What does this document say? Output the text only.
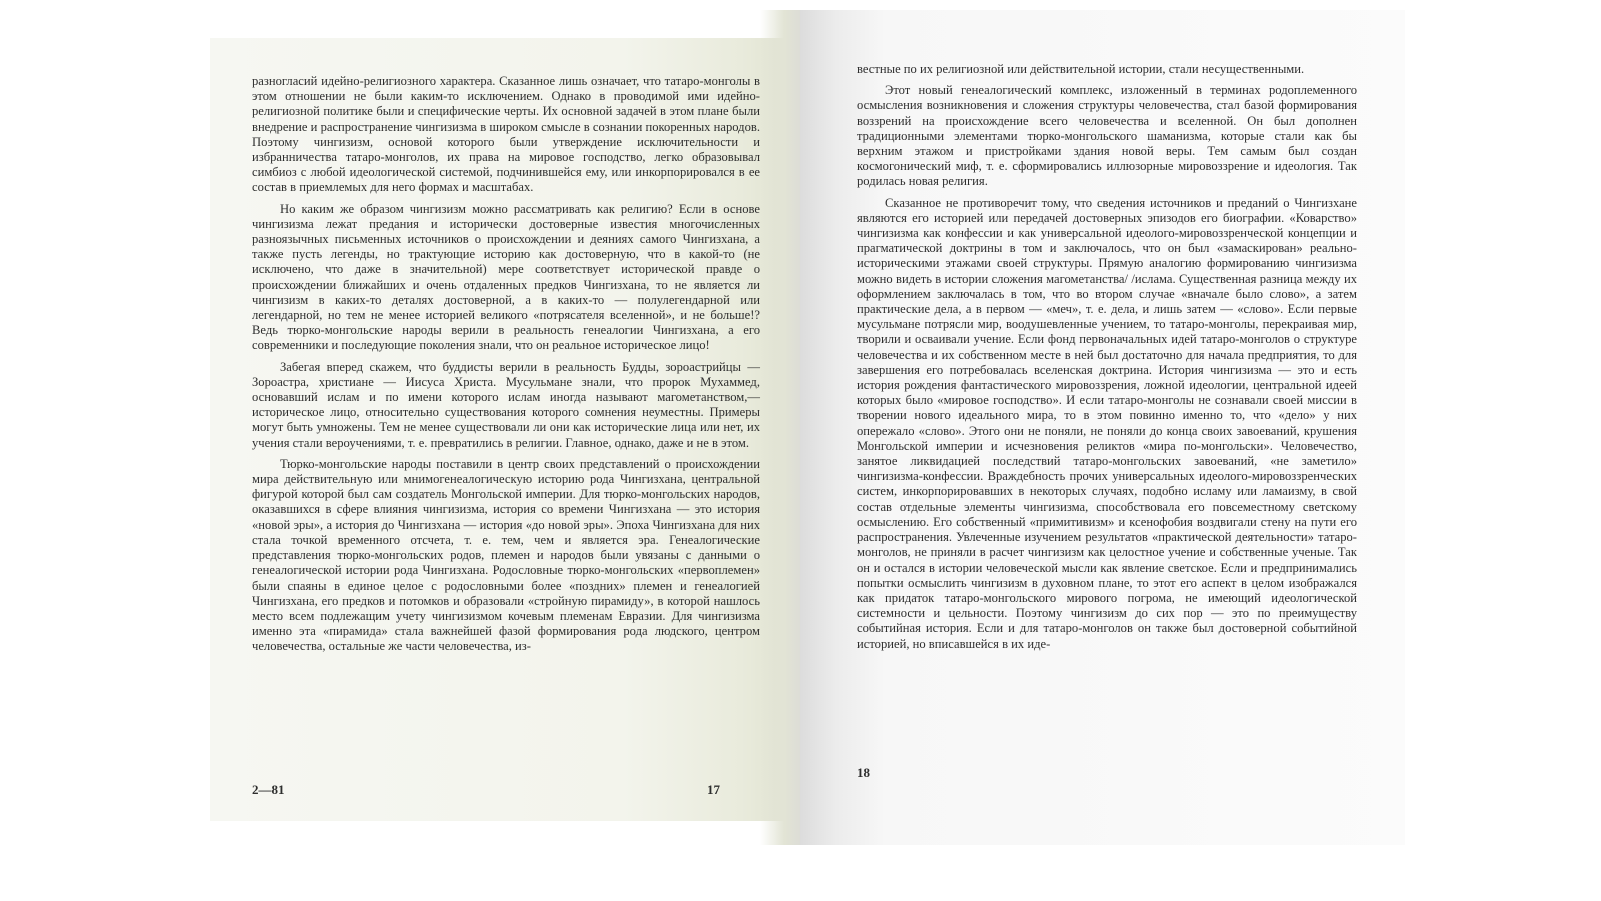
разногласий идейно-религиозного характера. Сказанное лишь означает, что татаро-монголы в этом отношении не были каким-то исключением. Однако в проводимой ими идейно-религиозной политике были и специфические черты. Их основной задачей в этом плане были внедрение и распространение чингизизма в широком смысле в сознании покоренных народов. Поэтому чингизизм, основой которого были утверждение исключительности и избранничества татаро-монголов, их права на мировое господство, легко образовывал симбиоз с любой идеологической системой, подчинившейся ему, или инкорпорировался в ее состав в приемлемых для него формах и масштабах.

Но каким же образом чингизизм можно рассматривать как религию? Если в основе чингизизма лежат предания и исторически достоверные известия многочисленных разноязычных письменных источников о происхождении и деяниях самого Чингизхана, а также пусть легенды, но трактующие историю как достоверную, что в какой-то (не исключено, что даже в значительной) мере соответствует исторической правде о происхождении ближайших и очень отдаленных предков Чингизхана, то не является ли чингизизм в каких-то деталях достоверной, а в каких-то — полулегендарной или легендарной, но тем не менее историей великого «потрясателя вселенной», и не больше!? Ведь тюрко-монгольские народы верили в реальность генеалогии Чингизхана, а его современники и последующие поколения знали, что он реальное историческое лицо!

Забегая вперед скажем, что буддисты верили в реальность Будды, зороастрийцы — Зороастра, христиане — Иисуса Христа. Мусульмане знали, что пророк Мухаммед, основавший ислам и по имени которого ислам иногда называют магометанством,— историческое лицо, относительно существования которого сомнения неуместны. Примеры могут быть умножены. Тем не менее существовали ли они как исторические лица или нет, их учения стали вероучениями, т. е. превратились в религии. Главное, однако, даже и не в этом.

Тюрко-монгольские народы поставили в центр своих представлений о происхождении мира действительную или мнимогенеалогическую историю рода Чингизхана, центральной фигурой которой был сам создатель Монгольской империи. Для тюрко-монгольских народов, оказавшихся в сфере влияния чингизизма, история со времени Чингизхана — это история «новой эры», а история до Чингизхана — история «до новой эры». Эпоха Чингизхана для них стала точкой временного отсчета, т. е. тем, чем и является эра. Генеалогические представления тюрко-монгольских родов, племен и народов были увязаны с данными о генеалогической истории рода Чингизхана. Родословные тюрко-монгольских «первоплемен» были спаяны в единое целое с родословными более «поздних» племен и генеалогией Чингизхана, его предков и потомков и образовали «стройную пирамиду», в которой нашлось место всем подлежащим учету чингизизмом кочевым племенам Евразии. Для чингизизма именно эта «пирамида» стала важнейшей фазой формирования рода людского, центром человечества, остальные же части человечества, из-

2—81	17

вестные по их религиозной или действительной истории, стали несущественными.

Этот новый генеалогический комплекс, изложенный в терминах родоплеменного осмысления возникновения и сложения структуры человечества, стал базой формирования воззрений на происхождение всего человечества и вселенной. Он был дополнен традиционными элементами тюрко-монгольского шаманизма, которые стали как бы верхним этажом и пристройками здания новой веры. Тем самым был создан космогонический миф, т. е. сформировались иллюзорные мировоззрение и идеология. Так родилась новая религия.

Сказанное не противоречит тому, что сведения источников и преданий о Чингизхане являются его историей или передачей достоверных эпизодов его биографии. «Коварство» чингизизма как конфессии и как универсальной идеолого-мировоззренческой концепции и прагматической доктрины в том и заключалось, что он был «замаскирован» реально-историческими этажами своей структуры. Прямую аналогию формированию чингизизма можно видеть в истории сложения магометанства/ /ислама. Существенная разница между их оформлением заключалась в том, что во втором случае «вначале было слово», а затем практические дела, а в первом — «меч», т. е. дела, и лишь затем — «слово». Если первые мусульмане потрясли мир, воодушевленные учением, то татаро-монголы, перекраивая мир, творили и осваивали учение. Если фонд первоначальных идей татаро-монголов о структуре человечества и их собственном месте в ней был достаточно для начала предприятия, то для завершения его потребовалась вселенская доктрина. История чингизизма — это и есть история рождения фантастического мировоззрения, ложной идеологии, центральной идеей которых было «мировое господство». И если татаро-монголы не сознавали своей миссии в творении нового идеального мира, то в этом повинно именно то, что «дело» у них опережало «слово». Этого они не поняли, не поняли до конца своих завоеваний, крушения Монгольской империи и исчезновения реликтов «мира по-монгольски». Человечество, занятое ликвидацией последствий татаро-монгольских завоеваний, «не заметило» чингизизма-конфессии. Враждебность прочих универсальных идеолого-мировоззренческих систем, инкорпорировавших в некоторых случаях, подобно исламу или ламаизму, в свой состав отдельные элементы чингизизма, способствовала его повсеместному светскому осмыслению. Его собственный «примитивизм» и ксенофобия воздвигали стену на пути его распространения. Увлеченные изучением результатов «практической деятельности» татаро-монголов, не приняли в расчет чингизизм как целостное учение и собственные ученые. Так он и остался в истории человеческой мысли как явление светское. Если и предпринимались попытки осмыслить чингизизм в духовном плане, то этот его аспект в целом изображался как придаток татаро-монгольского мирового погрома, не имеющий идеологической системности и цельности. Поэтому чингизизм до сих пор — это по преимуществу событийная история. Если и для татаро-монголов он также был достоверной событийной историей, но вписавшейся в их иде-

18
